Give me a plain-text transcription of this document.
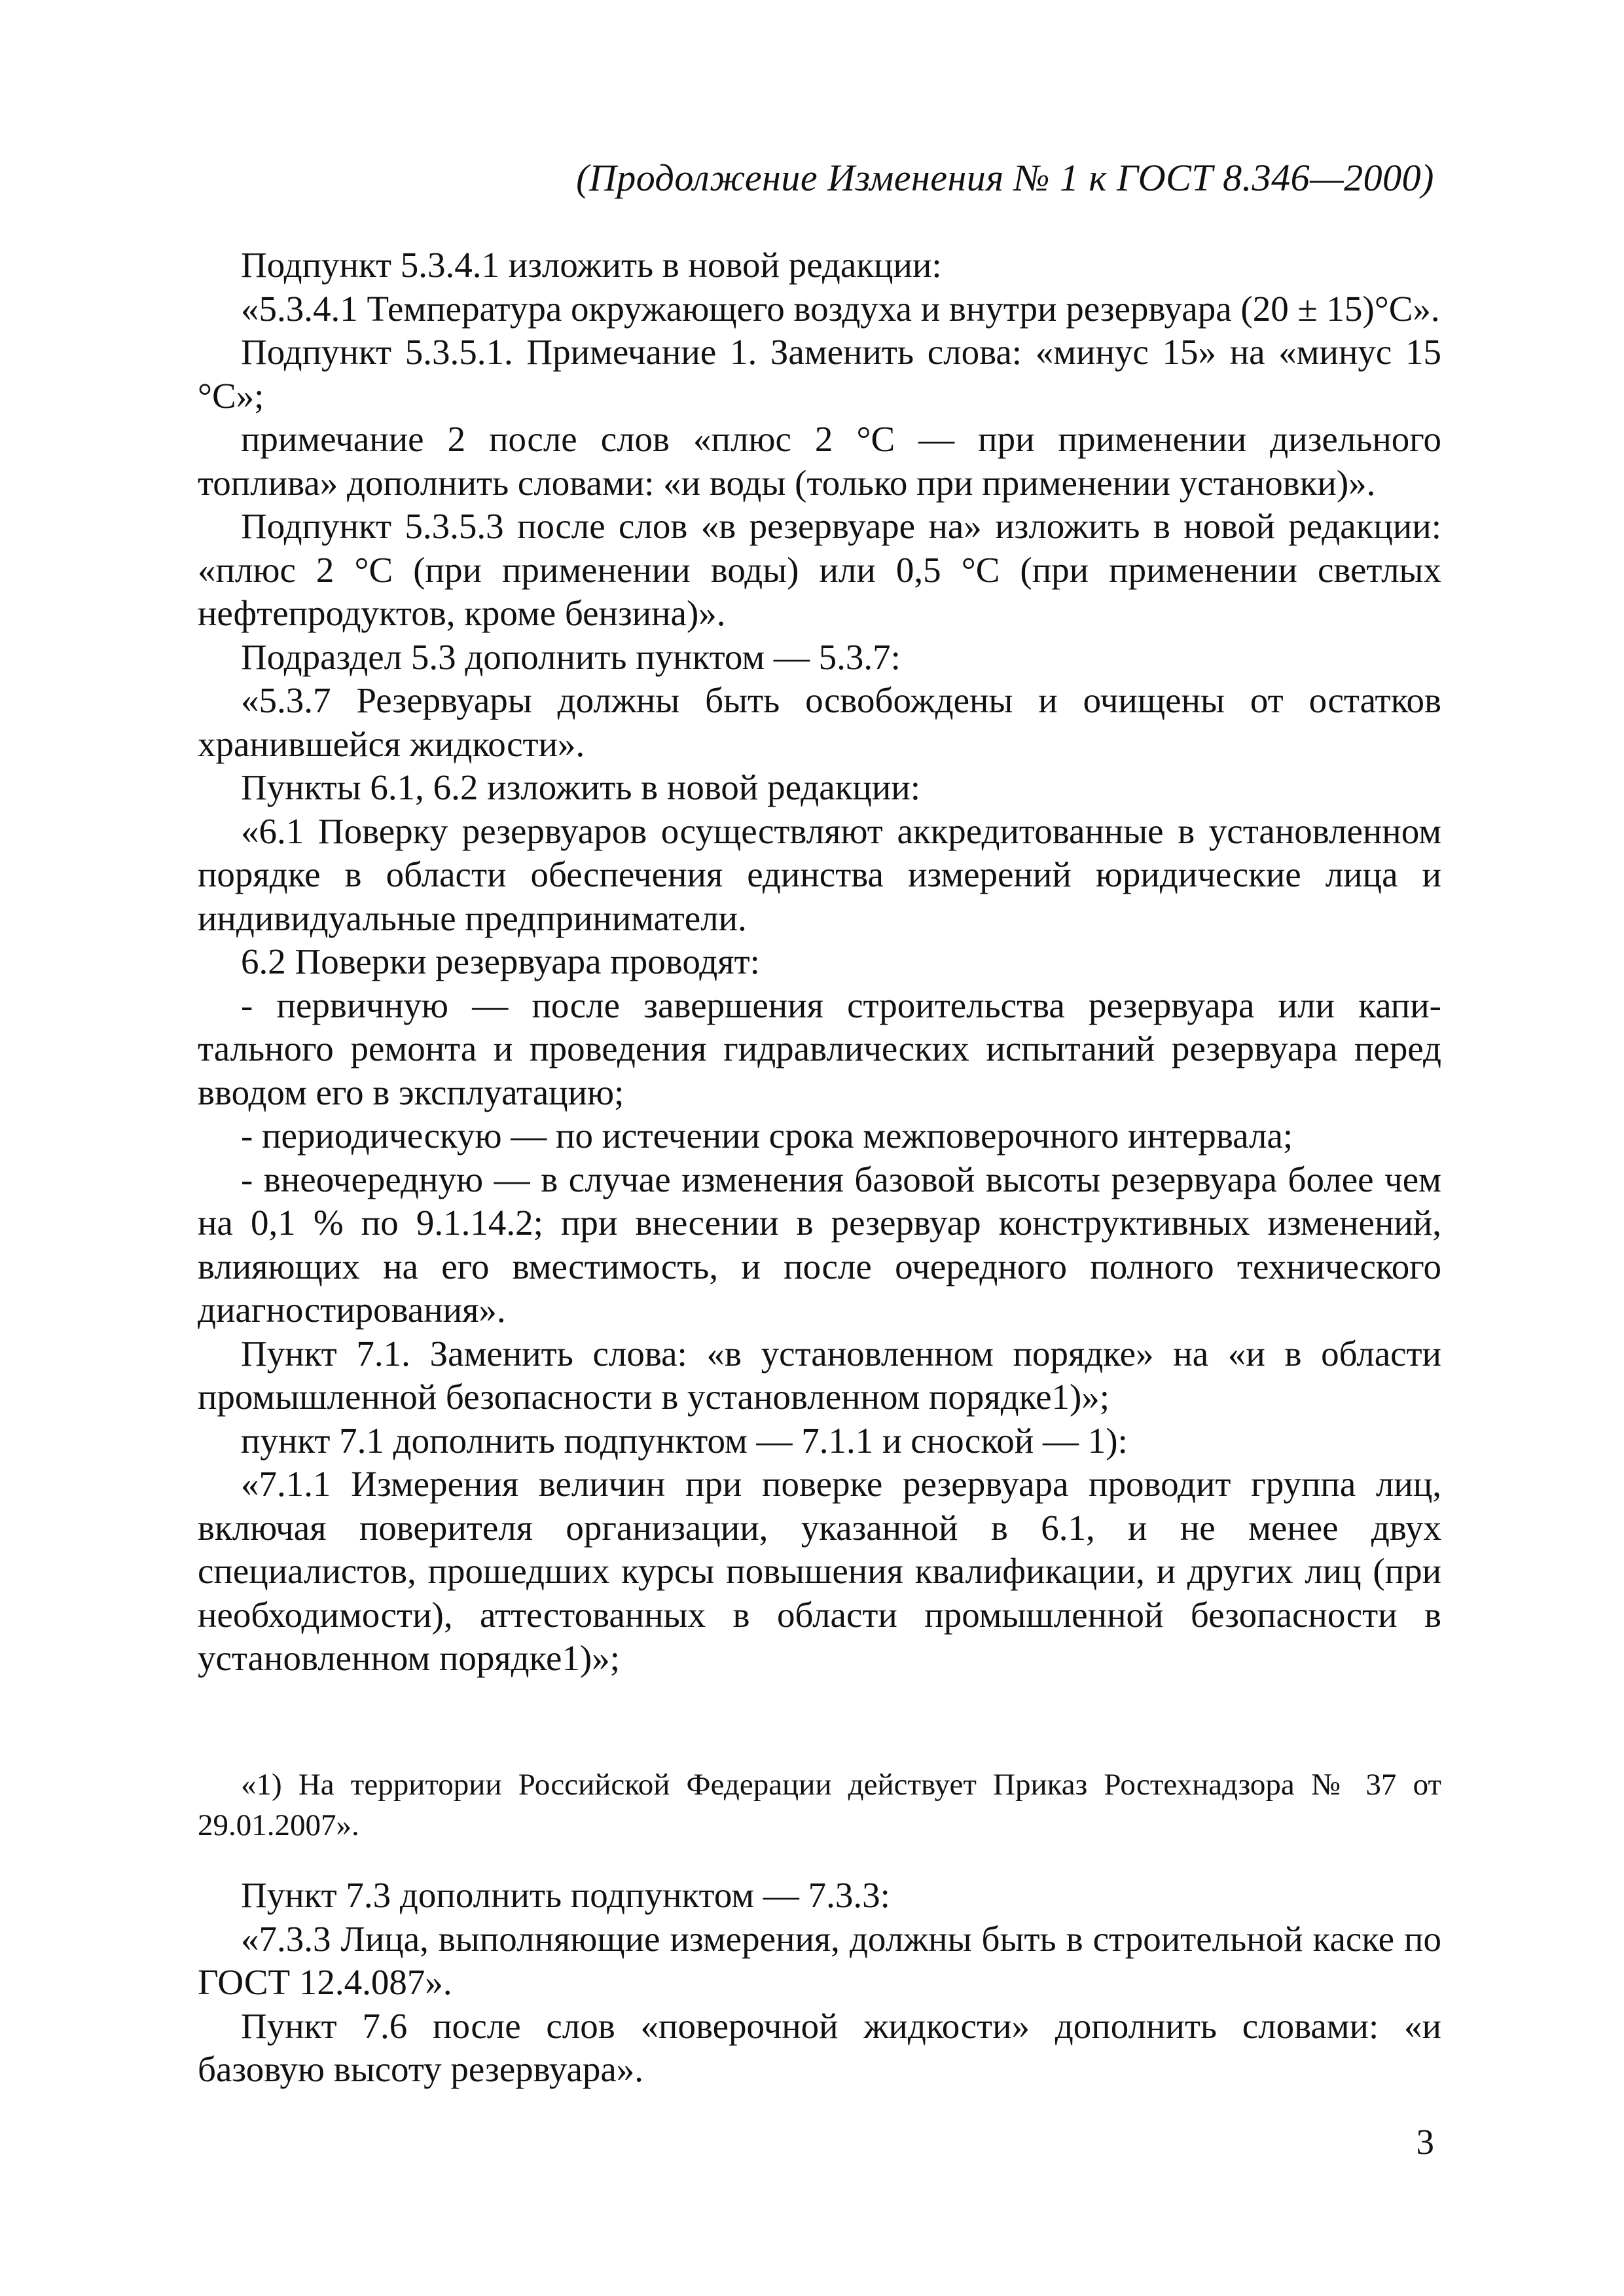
(Продолжение Изменения № 1 к ГОСТ 8.346—2000)

Подпункт 5.3.4.1 изложить в новой редакции:

«5.3.4.1 Температура окружающего воздуха и внутри резервуара (20 ± 15)°С».

Подпункт 5.3.5.1. Примечание 1. Заменить слова: «минус 15» на «минус 15 °С»;

примечание 2 после слов «плюс 2 °С — при применении дизельного топлива» дополнить словами: «и воды (только при применении установки)».

Подпункт 5.3.5.3 после слов «в резервуаре на» изложить в новой редакции: «плюс 2 °С (при применении воды) или 0,5 °С (при применении светлых нефтепродуктов, кроме бензина)».

Подраздел 5.3 дополнить пунктом — 5.3.7:

«5.3.7 Резервуары должны быть освобождены и очищены от остатков хранившейся жидкости».

Пункты 6.1, 6.2 изложить в новой редакции:

«6.1 Поверку резервуаров осуществляют аккредитованные в установленном порядке в области обеспечения единства измерений юридические лица и индивидуальные предприниматели.

6.2 Поверки резервуара проводят:

- первичную — после завершения строительства резервуара или капитального ремонта и проведения гидравлических испытаний резервуара перед вводом его в эксплуатацию;

- периодическую — по истечении срока межповерочного интервала;

- внеочередную — в случае изменения базовой высоты резервуара более чем на 0,1 % по 9.1.14.2; при внесении в резервуар конструктивных изменений, влияющих на его вместимость, и после очередного полного технического диагностирования».

Пункт 7.1. Заменить слова: «в установленном порядке» на «и в области промышленной безопасности в установленном порядке1)»;

пункт 7.1 дополнить подпунктом — 7.1.1 и сноской — 1):

«7.1.1 Измерения величин при поверке резервуара проводит группа лиц, включая поверителя организации, указанной в 6.1, и не менее двух специалистов, прошедших курсы повышения квалификации, и других лиц (при необходимости), аттестованных в области промышленной безопасности в установленном порядке1)»;

«1) На территории Российской Федерации действует Приказ Ростехнадзора № 37 от 29.01.2007».

Пункт 7.3 дополнить подпунктом — 7.3.3:

«7.3.3 Лица, выполняющие измерения, должны быть в строительной каске по ГОСТ 12.4.087».

Пункт 7.6 после слов «поверочной жидкости» дополнить словами: «и базовую высоту резервуара».

3
